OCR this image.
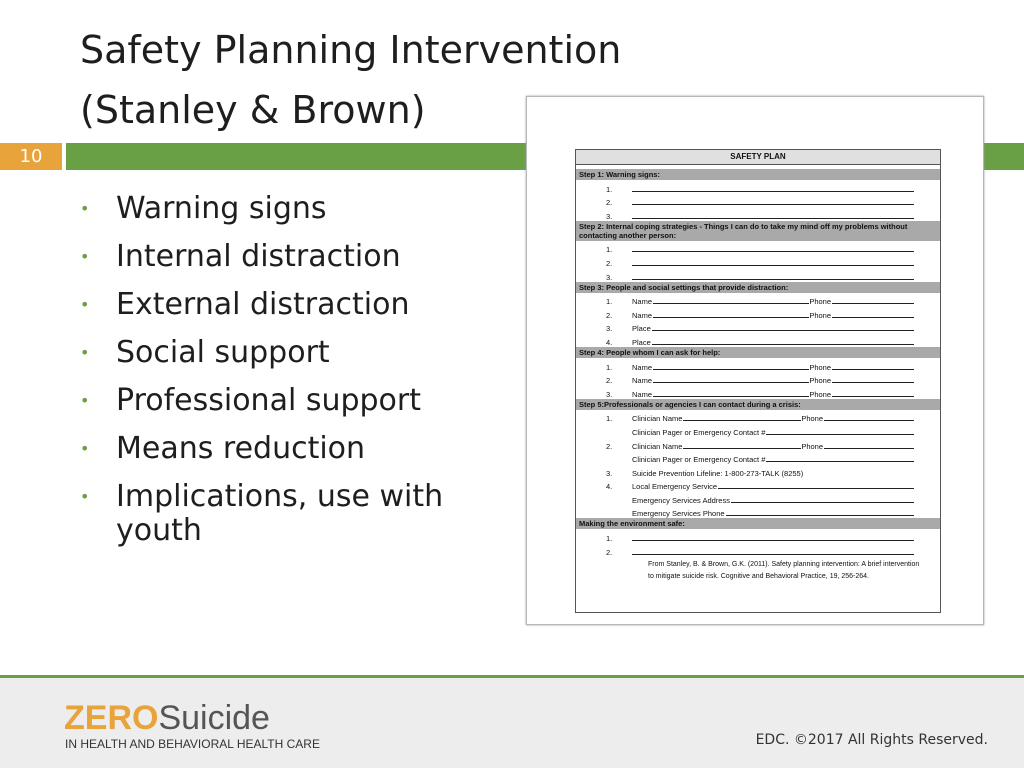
Safety Planning Intervention
(Stanley & Brown)
10
• Warning signs
• Internal distraction
• External distraction
• Social support
• Professional support
• Means reduction
• Implications, use with youth
SAFETY PLAN
Step 1: Warning signs:
1.
2.
3.
Step 2: Internal coping strategies - Things I can do to take my mind off my problems without contacting another person:
1.
2.
3.
Step 3: People and social settings that provide distraction:
1.	Name	Phone
2.	Name	Phone
3.	Place
4.	Place
Step 4: People whom I can ask for help:
1.	Name	Phone
2.	Name	Phone
3.	Name	Phone
Step 5:Professionals or agencies I can contact during a crisis:
1.	Clinician Name	Phone
Clinician Pager or Emergency Contact #
2.	Clinician Name	Phone
Clinician Pager or Emergency Contact #
3.	Suicide Prevention Lifeline: 1-800-273-TALK (8255)
4.	Local Emergency Service
Emergency Services Address
Emergency Services Phone
Making the environment safe:
1.
2.
From Stanley, B. & Brown, G.K. (2011). Safety planning intervention: A brief intervention
to mitigate suicide risk. Cognitive and Behavioral Practice, 19, 256-264.
ZEROSuicide
IN HEALTH AND BEHAVIORAL HEALTH CARE	EDC. ©2017 All Rights Reserved.
